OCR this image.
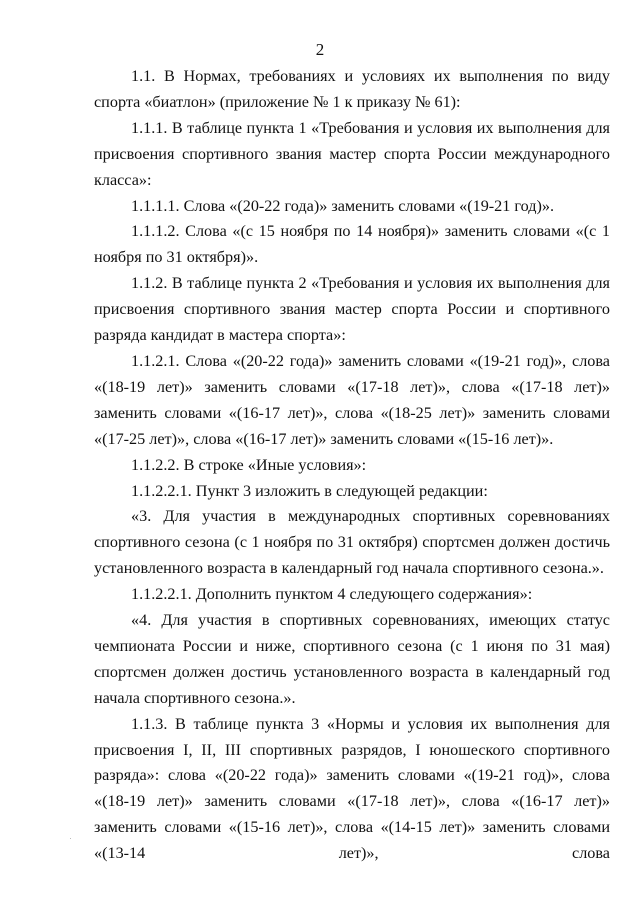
2

1.1. В Нормах, требованиях и условиях их выполнения по виду спорта «биатлон» (приложение № 1 к приказу № 61):

1.1.1. В таблице пункта 1 «Требования и условия их выполнения для присвоения спортивного звания мастер спорта России международного класса»:

1.1.1.1. Слова «(20-22 года)» заменить словами «(19-21 год)».

1.1.1.2. Слова «(с 15 ноября по 14 ноября)» заменить словами «(с 1 ноября по 31 октября)».

1.1.2. В таблице пункта 2 «Требования и условия их выполнения для присвоения спортивного звания мастер спорта России и спортивного разряда кандидат в мастера спорта»:

1.1.2.1. Слова «(20-22 года)» заменить словами «(19-21 год)», слова «(18-19 лет)» заменить словами «(17-18 лет)», слова «(17-18 лет)» заменить словами «(16-17 лет)», слова «(18-25 лет)» заменить словами «(17-25 лет)», слова «(16-17 лет)» заменить словами «(15-16 лет)».

1.1.2.2. В строке «Иные условия»:

1.1.2.2.1. Пункт 3 изложить в следующей редакции:

«3. Для участия в международных спортивных соревнованиях спортивного сезона (с 1 ноября по 31 октября) спортсмен должен достичь установленного возраста в календарный год начала спортивного сезона.».

1.1.2.2.1. Дополнить пунктом 4 следующего содержания»:

«4. Для участия в спортивных соревнованиях, имеющих статус чемпионата России и ниже, спортивного сезона (с 1 июня по 31 мая) спортсмен должен достичь установленного возраста в календарный год начала спортивного сезона.».

1.1.3. В таблице пункта 3 «Нормы и условия их выполнения для присвоения I, II, III спортивных разрядов, I юношеского спортивного разряда»: слова «(20-22 года)» заменить словами «(19-21 год)», слова «(18-19 лет)» заменить словами «(17-18 лет)», слова «(16-17 лет)» заменить словами «(15-16 лет)», слова «(14-15 лет)» заменить словами «(13-14 лет)», слова
